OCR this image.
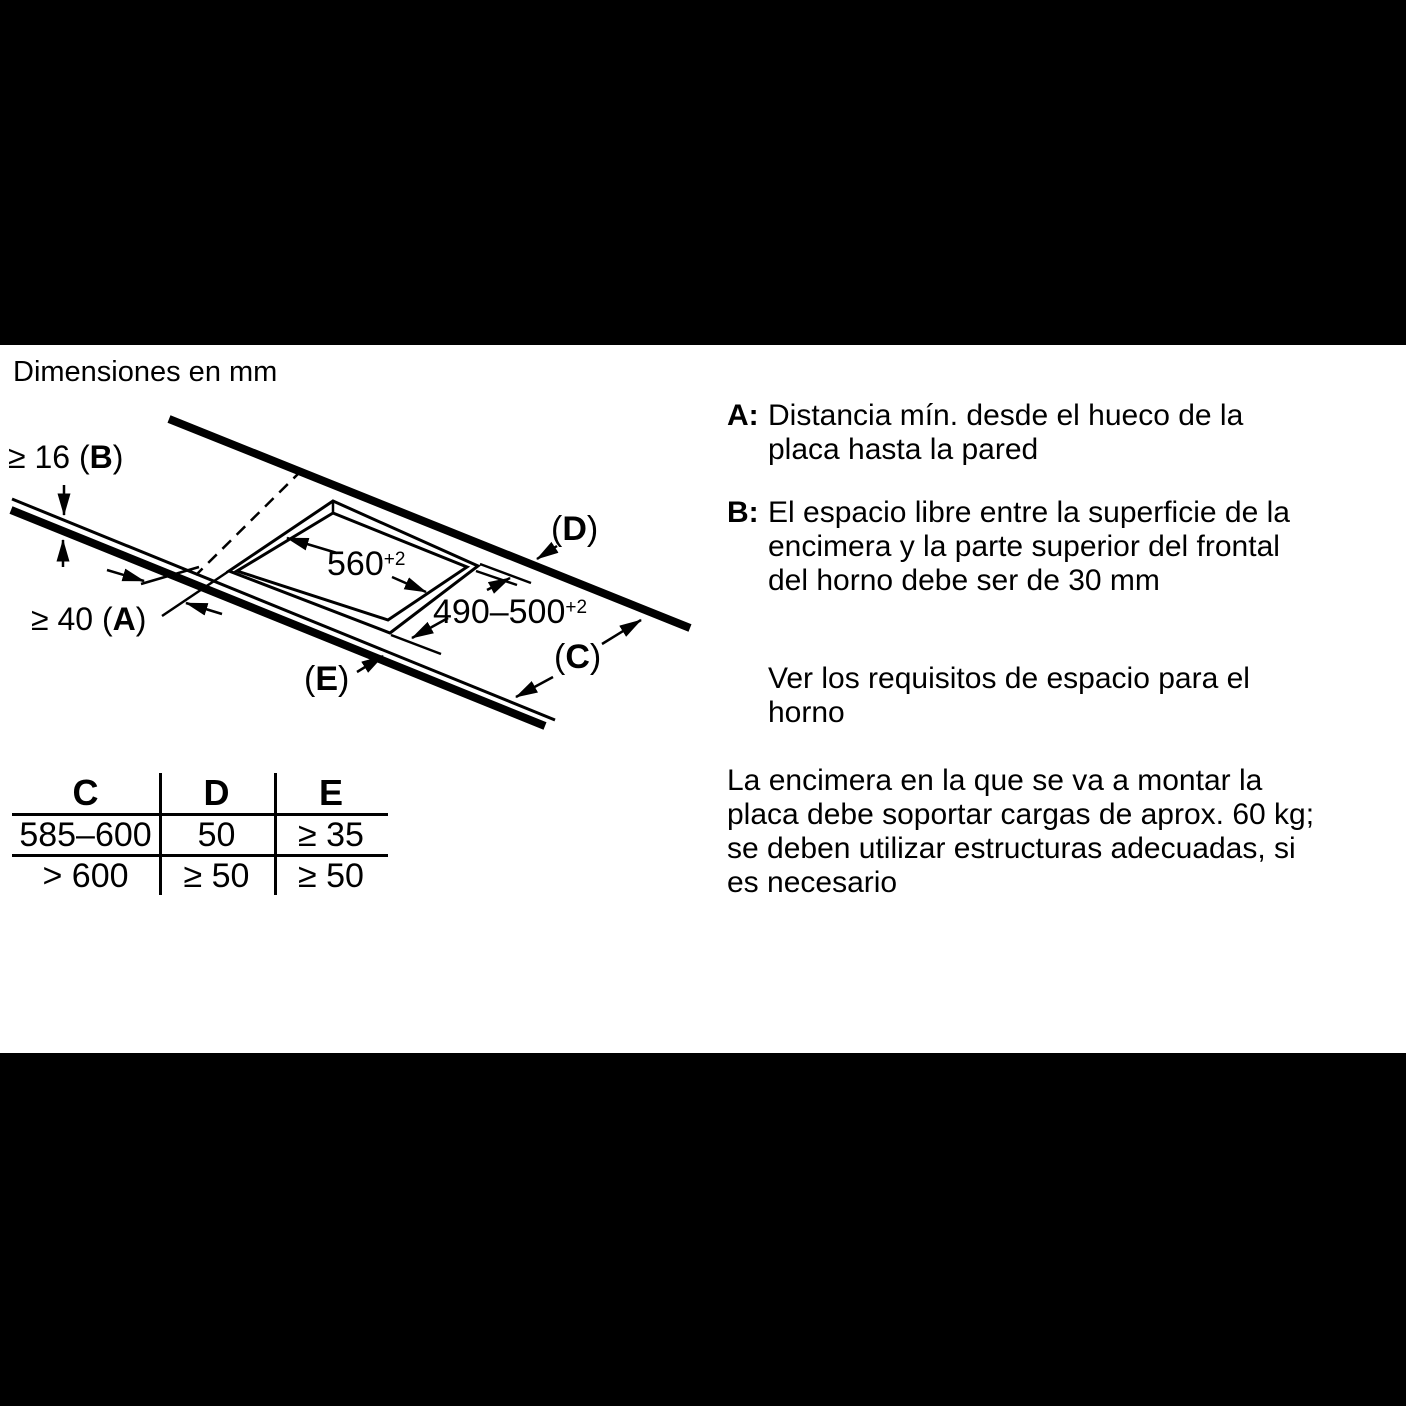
Dimensiones en mm
≥ 16 (B)
≥ 40 (A)
$560^{+2}$
$490-500^{+2}$
(D)
(C)
(E)
C	D	E
585–600	50	≥ 35
> 600	≥ 50	≥ 50
A: Distancia mín. desde el hueco de la
placa hasta la pared
B: El espacio libre entre la superficie de la
encimera y la parte superior del frontal
del horno debe ser de 30 mm
Ver los requisitos de espacio para el
horno
La encimera en la que se va a montar la
placa debe soportar cargas de aprox. 60 kg;
se deben utilizar estructuras adecuadas, si
es necesario
